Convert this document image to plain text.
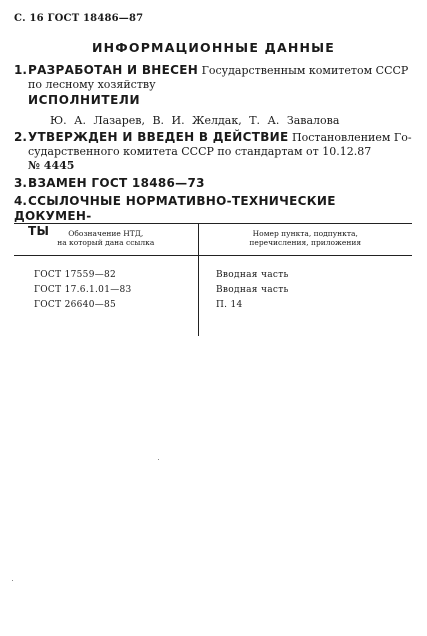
С. 16 ГОСТ 18486—87
ИНФОРМАЦИОННЫЕ ДАННЫЕ
1.РАЗРАБОТАН И ВНЕСЕН Государственным комитетом СССР
по лесному хозяйству
ИСПОЛНИТЕЛИ
Ю. А. Лазарев, В. И. Желдак, Т. А. Завалова
2.УТВЕРЖДЕН И ВВЕДЕН В ДЕЙСТВИЕ Постановлением Го-
сударственного комитета СССР по стандартам от 10.12.87
№ 4445
3.ВЗАМЕН ГОСТ 18486—73
4.ССЫЛОЧНЫЕ НОРМАТИВНО-ТЕХНИЧЕСКИЕ ДОКУМЕН-
ТЫ	Обозначение НТД,
на который дана ссылка
Номер пункта, подпункта,
перечисления, приложения
ГОСТ 17559—82
ГОСТ 17.6.1.01—83
ГОСТ 26640—85
Вводная часть
Вводная часть
П. 14
